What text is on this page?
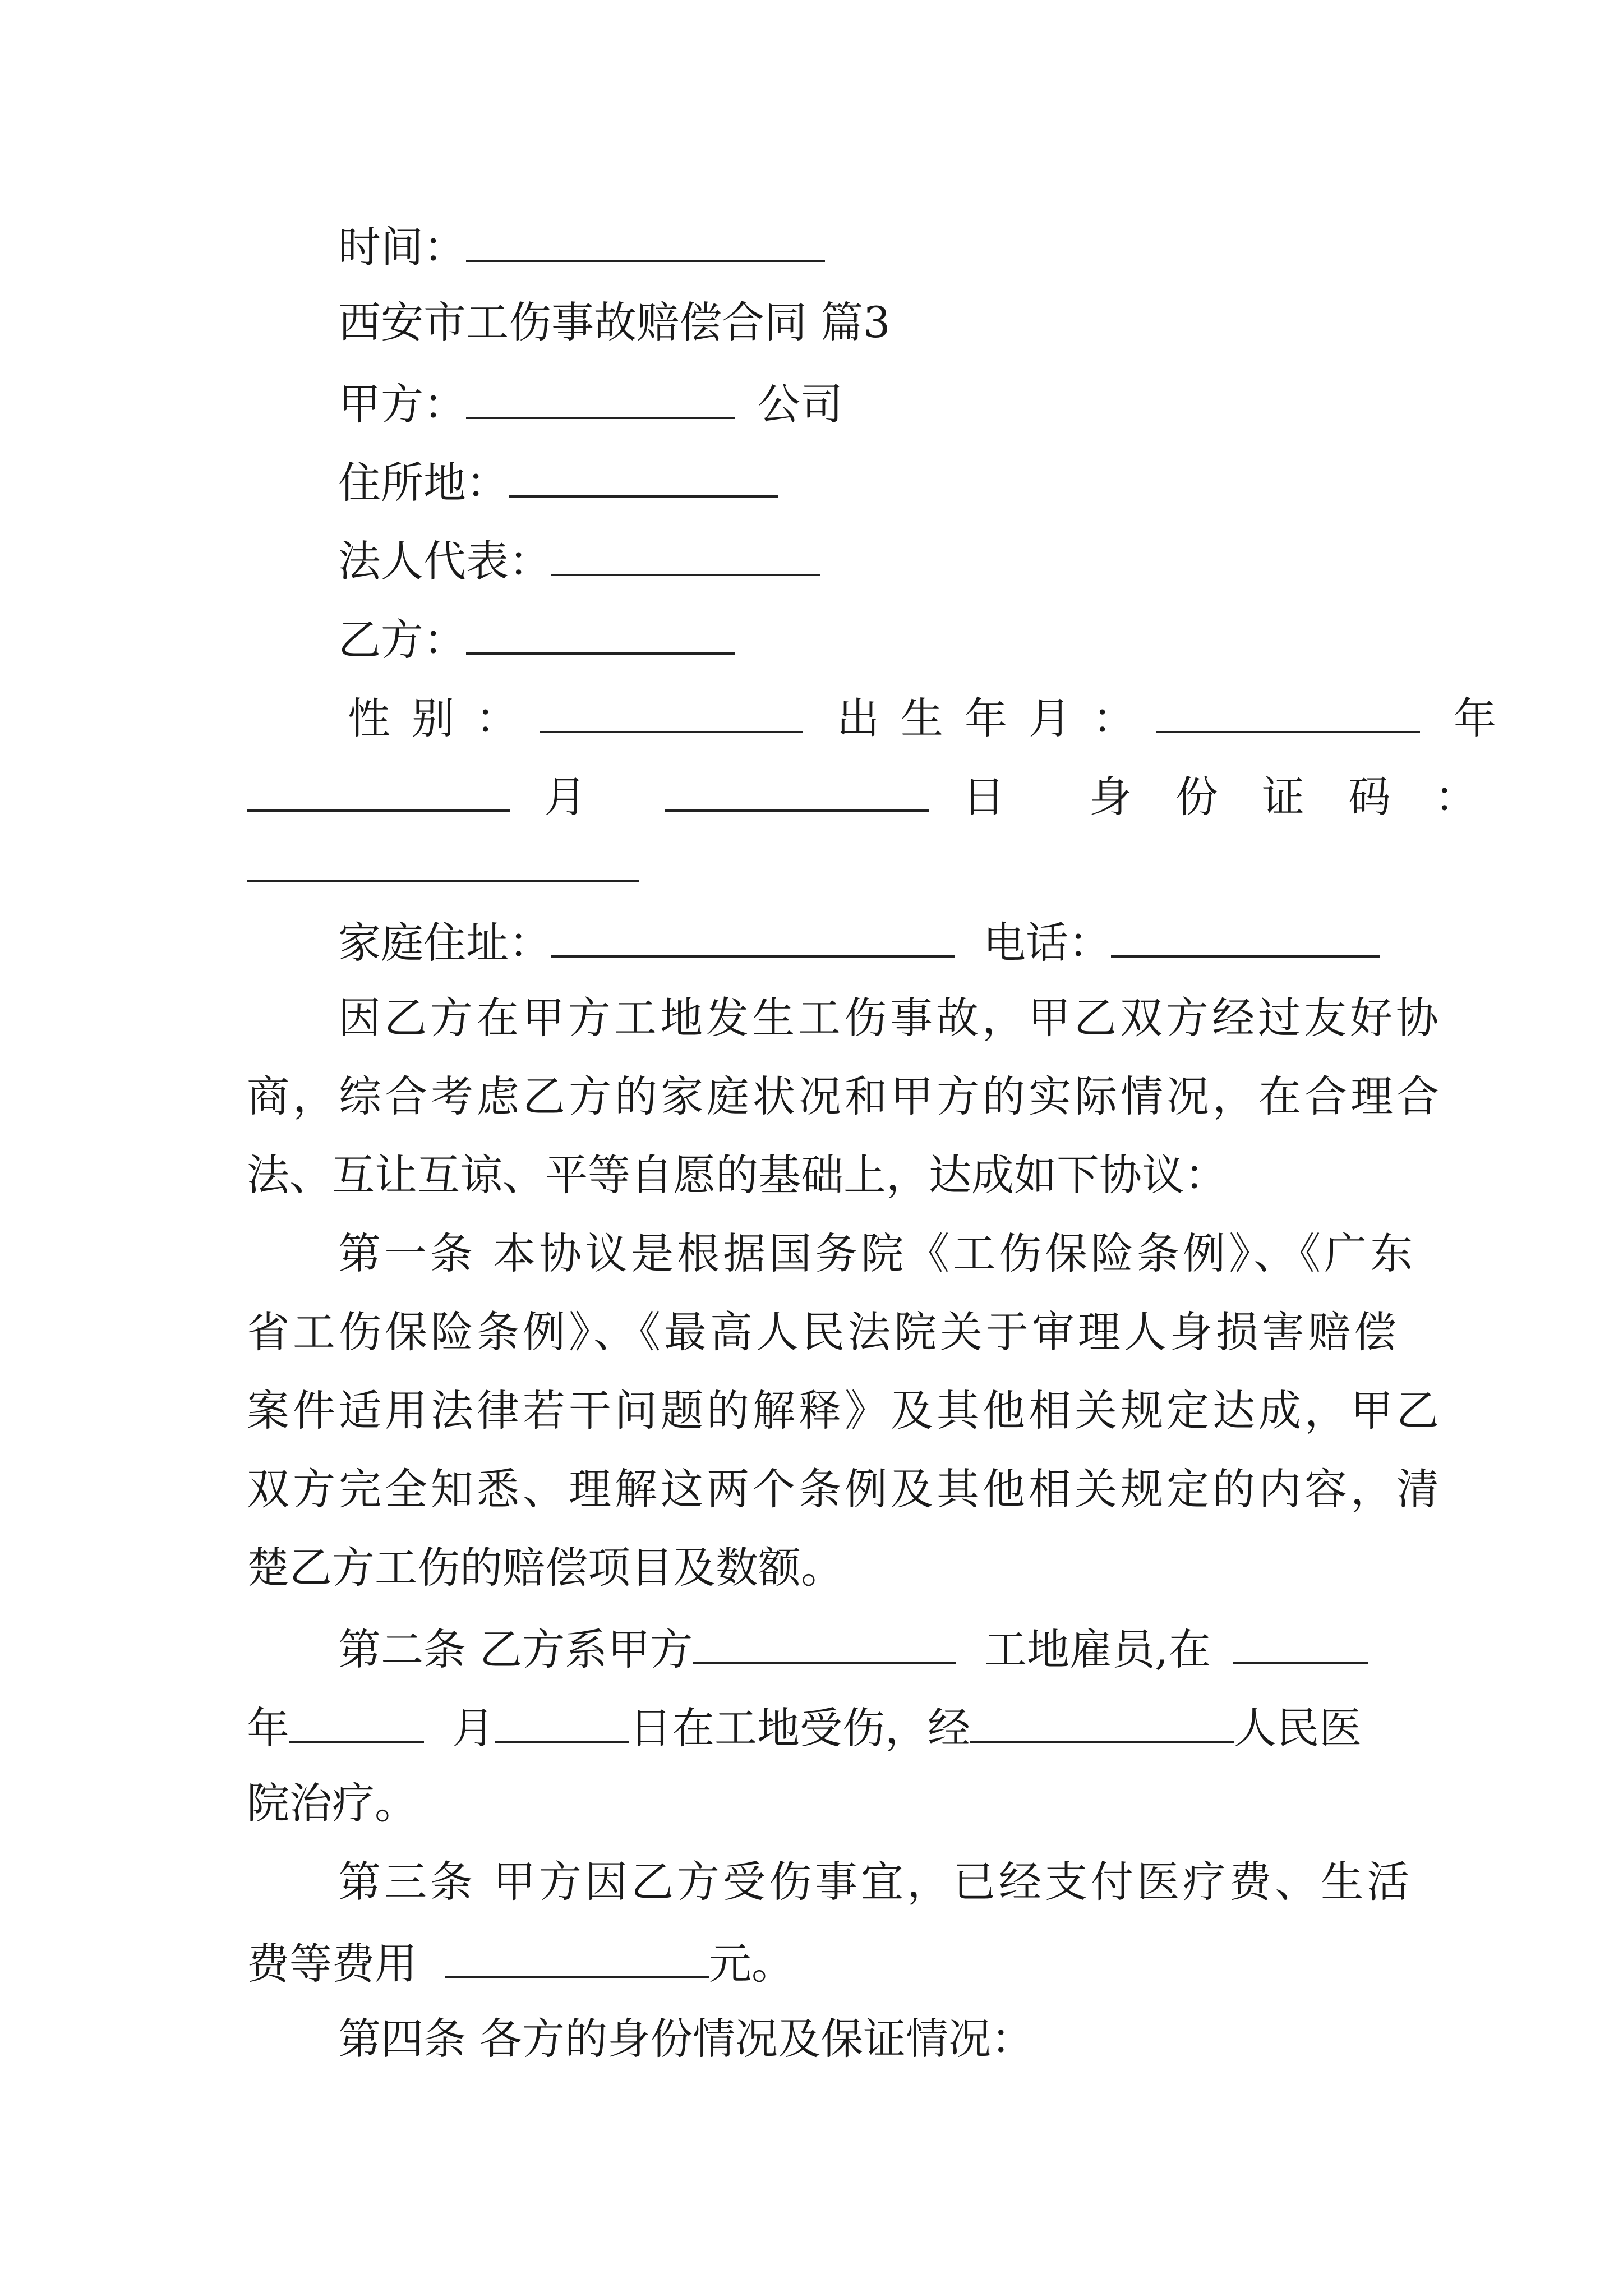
时间：
西安市工伤事故赔偿合同 篇3
甲方：	公司
住所地：
法人代表：
乙方：
性别：	出生年月：	年
月	日 身份证码：
家庭住址：	电话：
因乙方在甲方工地发生工伤事故，甲乙双方经过友好协
商，综合考虑乙方的家庭状况和甲方的实际情况，在合理合
法、互让互谅、平等自愿的基础上，达成如下协议：
第一条 本协议是根据国务院《工伤保险条例》、《广东
省工伤保险条例》、《最高人民法院关于审理人身损害赔偿
案件适用法律若干问题的解释》及其他相关规定达成，甲乙
双方完全知悉、理解这两个条例及其他相关规定的内容，清
楚乙方工伤的赔偿项目及数额。
第二条 乙方系甲方	工地雇员,在
年	月	日在工地受伤，经	人民医
院治疗。
第三条 甲方因乙方受伤事宜，已经支付医疗费、生活
费等费用	元。
第四条 各方的身份情况及保证情况：
